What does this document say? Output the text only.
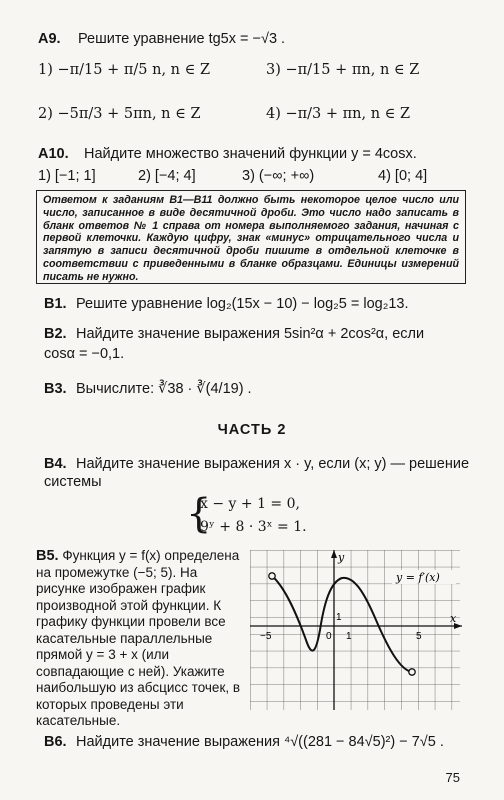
А9. Решите уравнение tg5x = −√3 .
1) −π/15 + π/5 n, n ∈ Z	3) −π/15 + πn, n ∈ Z
2) −5π/3 + 5πn, n ∈ Z	4) −π/3 + πn, n ∈ Z
А10. Найдите множество значений функции y = 4cosx.
1) [−1; 1]	2) [−4; 4]	3) (−∞; +∞)	4) [0; 4]
Ответом к заданиям В1—В11 должно быть некоторое целое число или число, записанное в виде десятичной дроби. Это число надо записать в бланк ответов № 1 справа от номера выполняемого задания, начиная с первой клеточки. Каждую цифру, знак «минус» отрицательного числа и запятую в записи десятичной дроби пишите в отдельной клеточке в соответствии с приведенными в бланке образцами. Единицы измерений писать не нужно.
В1. Решите уравнение log₂(15x − 10) − log₂5 = log₂13.
В2. Найдите значение выражения 5sin²α + 2cos²α, если
cosα = −0,1.
В3. Вычислите: ∛38 · ∛(4/19) .
ЧАСТЬ 2
В4. Найдите значение выражения x · y, если (x; y) — решение
системы
{
x − y + 1 = 0,
9ʸ + 8 · 3ˣ = 1.
В5. Функция y = f(x) определена на промежутке (−5; 5). На рисунке изображен график производной этой функции. К графику функции провели все касательные параллельные прямой y = 3 + x (или совпадающие с ней). Укажите наибольшую из абсцисс точек, в которых проведены эти касательные.
y = f′(x)
y
x
−5	0 1
1
5
В6. Найдите значение выражения ⁴√((281 − 84√5)²) − 7√5 .
75
